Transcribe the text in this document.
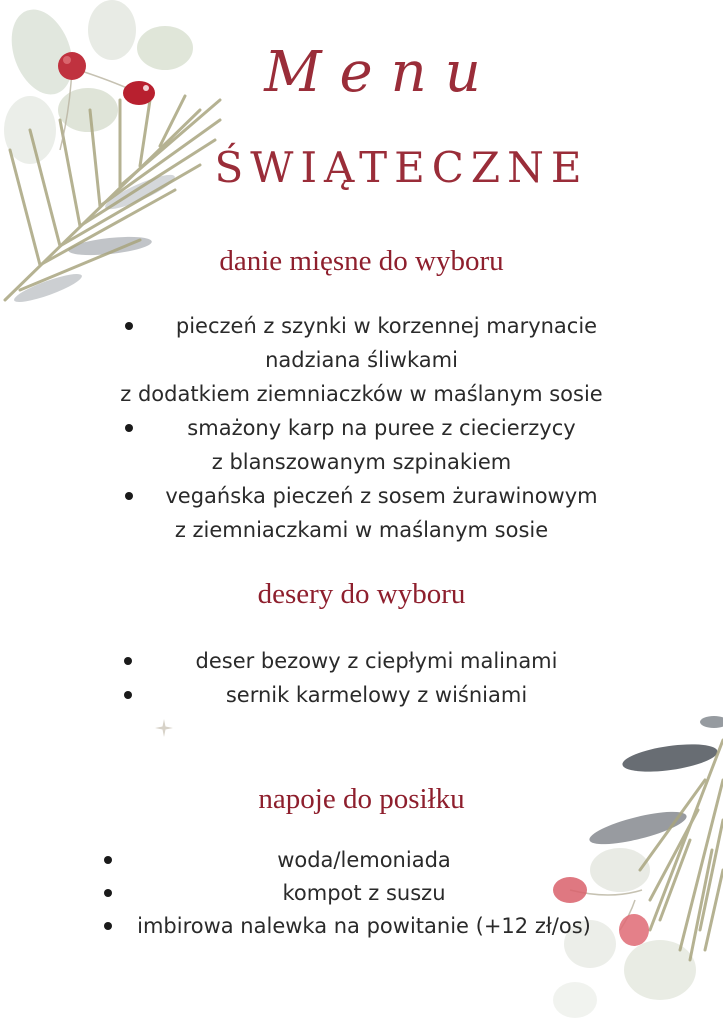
Menu
ŚWIĄTECZNE
danie mięsne do wyboru
pieczeń z szynki w korzennej marynacie
nadziana śliwkami
z dodatkiem ziemniaczków w maślanym sosie
smażony karp na puree z ciecierzycy
z blanszowanym szpinakiem
vegańska pieczeń z sosem żurawinowym
z ziemniaczkami w maślanym sosie
desery do wyboru
deser bezowy z ciepłymi malinami
sernik karmelowy z wiśniami
napoje do posiłku
woda/lemoniada
kompot z suszu
imbirowa nalewka na powitanie (+12 zł/os)
